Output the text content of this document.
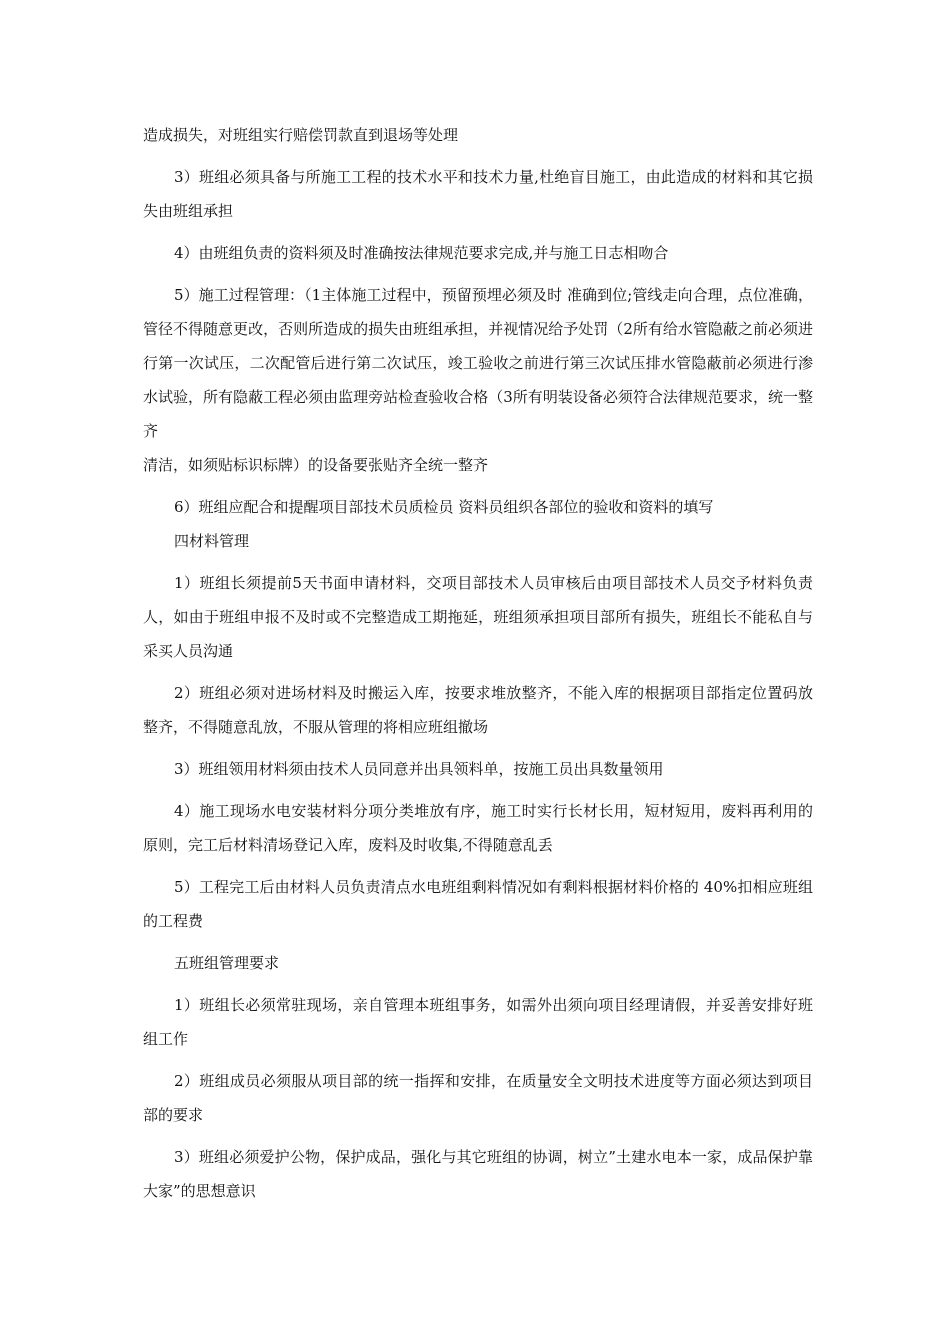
造成损失，对班组实行赔偿罚款直到退场等处理

3）班组必须具备与所施工工程的技术水平和技术力量,杜绝盲目施工，由此造成的材料和其它损失由班组承担

4）由班组负责的资料须及时准确按法律规范要求完成,并与施工日志相吻合

5）施工过程管理：（1主体施工过程中，预留预埋必须及时 准确到位;管线走向合理，点位准确，管径不得随意更改，否则所造成的损失由班组承担，并视情况给予处罚（2所有给水管隐蔽之前必须进行第一次试压，二次配管后进行第二次试压，竣工验收之前进行第三次试压排水管隐蔽前必须进行渗水试验，所有隐蔽工程必须由监理旁站检查验收合格（3所有明装设备必须符合法律规范要求，统一整齐

清洁，如须贴标识标牌）的设备要张贴齐全统一整齐

6）班组应配合和提醒项目部技术员质检员 资料员组织各部位的验收和资料的填写

四材料管理

1）班组长须提前5天书面申请材料，交项目部技术人员审核后由项目部技术人员交予材料负责人，如由于班组申报不及时或不完整造成工期拖延，班组须承担项目部所有损失，班组长不能私自与采买人员沟通

2）班组必须对进场材料及时搬运入库，按要求堆放整齐，不能入库的根据项目部指定位置码放整齐，不得随意乱放，不服从管理的将相应班组撤场

3）班组领用材料须由技术人员同意并出具领料单，按施工员出具数量领用

4）施工现场水电安装材料分项分类堆放有序，施工时实行长材长用，短材短用，废料再利用的原则，完工后材料清场登记入库，废料及时收集,不得随意乱丢

5）工程完工后由材料人员负责清点水电班组剩料情况如有剩料根据材料价格的 40%扣相应班组的工程费

五班组管理要求

1）班组长必须常驻现场，亲自管理本班组事务，如需外出须向项目经理请假，并妥善安排好班组工作

2）班组成员必须服从项目部的统一指挥和安排，在质量安全文明技术进度等方面必须达到项目部的要求

3）班组必须爱护公物，保护成品，强化与其它班组的协调，树立”土建水电本一家，成品保护靠大家”的思想意识
